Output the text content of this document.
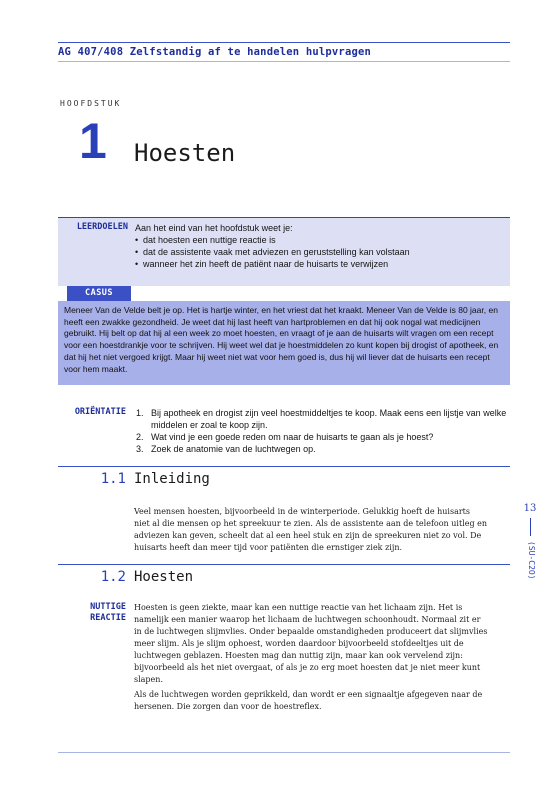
AG 407/408 Zelfstandig af te handelen hulpvragen
HOOFDSTUK
1 Hoesten
LEERDOELEN Aan het eind van het hoofdstuk weet je:
• dat hoesten een nuttige reactie is
• dat de assistente vaak met adviezen en geruststelling kan volstaan
• wanneer het zin heeft de patiënt naar de huisarts te verwijzen
CASUS
Meneer Van de Velde belt je op. Het is hartje winter, en het vriest dat het kraakt. Meneer Van de Velde is 80 jaar, en heeft een zwakke gezondheid. Je weet dat hij last heeft van hartproblemen en dat hij ook nogal wat medicijnen gebruikt. Hij belt op dat hij al een week zo moet hoesten, en vraagt of je aan de huisarts wilt vragen om een recept voor een hoestdrankje voor te schrijven. Hij weet wel dat je hoestmiddelen zo kunt kopen bij drogist of apotheek, en dat hij het niet vergoed krijgt. Maar hij weet niet wat voor hem goed is, dus hij wil liever dat de huisarts een recept voor hem maakt.
ORIËNTATIE 1. Bij apotheek en drogist zijn veel hoestmiddeltjes te koop. Maak eens een lijstje van welke middelen er zoal te koop zijn.
2. Wat vind je een goede reden om naar de huisarts te gaan als je hoest?
3. Zoek de anatomie van de luchtwegen op.
1.1 Inleiding

Veel mensen hoesten, bijvoorbeeld in de winterperiode. Gelukkig hoeft de huisarts niet al die mensen op het spreekuur te zien. Als de assistente aan de telefoon uitleg en adviezen kan geven, scheelt dat al een heel stuk en zijn de spreekuren niet zo vol. De huisarts heeft dan meer tijd voor patiënten die ernstiger ziek zijn.

1.2 Hoesten
NUTTIGE
REACTIE

Hoesten is geen ziekte, maar kan een nuttige reactie van het lichaam zijn. Het is namelijk een manier waarop het lichaam de luchtwegen schoonhoudt. Normaal zit er in de luchtwegen slijmvlies. Onder bepaalde omstandigheden produceert dat slijmvlies meer slijm. Als je slijm ophoest, worden daardoor bijvoorbeeld stofdeeltjes uit de luchtwegen geblazen. Hoesten mag dan nuttig zijn, maar kan ook vervelend zijn: bijvoorbeeld als het niet overgaat, of als je zo erg moet hoesten dat je niet meer kunt slapen.

Als de luchtwegen worden geprikkeld, dan wordt er een signaaltje afgegeven naar de hersenen. Die zorgen dan voor de hoestreflex.

13
⟨SU-C2O⟩
